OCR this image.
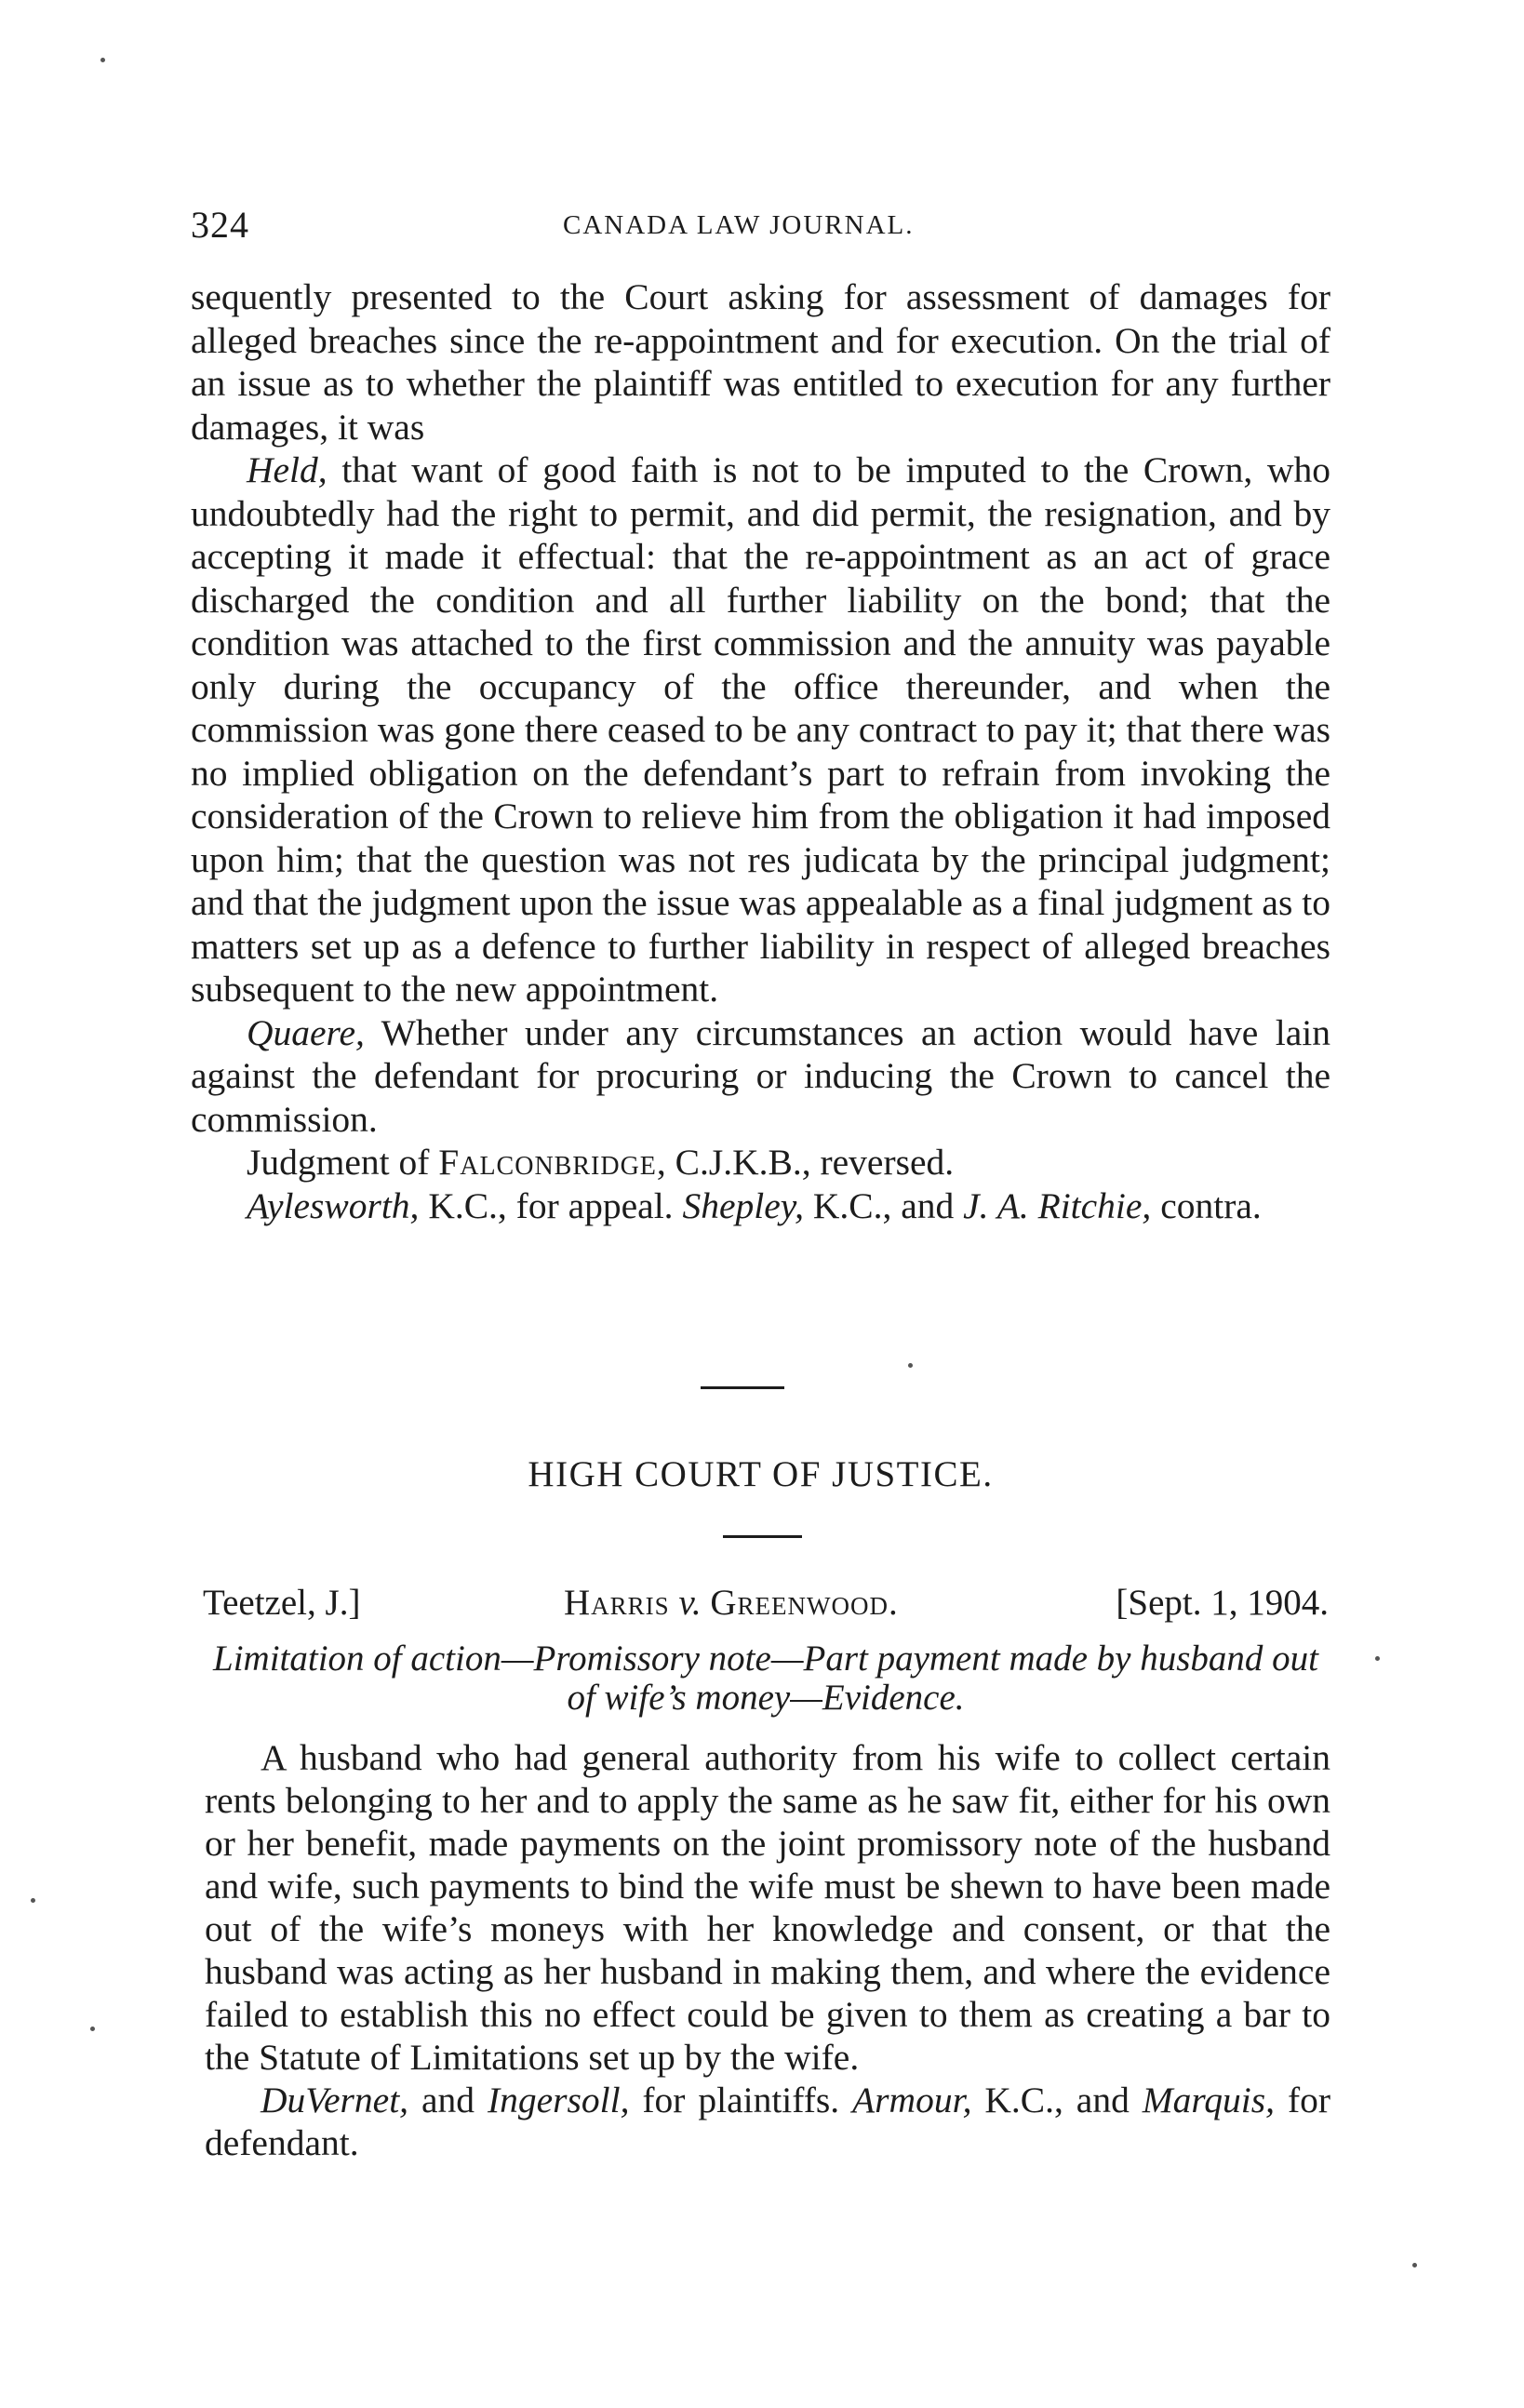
324	CANADA LAW JOURNAL.

sequently presented to the Court asking for assessment of damages for alleged breaches since the re-appointment and for execution. On the trial of an issue as to whether the plaintiff was entitled to execution for any further damages, it was

Held, that want of good faith is not to be imputed to the Crown, who undoubtedly had the right to permit, and did permit, the resignation, and by accepting it made it effectual: that the re-appointment as an act of grace discharged the condition and all further liability on the bond; that the condition was attached to the first commission and the annuity was payable only during the occupancy of the office thereunder, and when the commission was gone there ceased to be any contract to pay it; that there was no implied obligation on the defendant’s part to refrain from invoking the consideration of the Crown to relieve him from the obligation it had imposed upon him; that the question was not res judicata by the principal judgment; and that the judgment upon the issue was appealable as a final judgment as to matters set up as a defence to further liability in respect of alleged breaches subsequent to the new appointment.

Quaere, Whether under any circumstances an action would have lain against the defendant for procuring or inducing the Crown to cancel the commission.

Judgment of Falconbridge, C.J.K.B., reversed.

Aylesworth, K.C., for appeal. Shepley, K.C., and J. A. Ritchie, contra.

HIGH COURT OF JUSTICE.
Teetzel, J.]	Harris v. Greenwood.	[Sept. 1, 1904.
Limitation of action—Promissory note—Part payment made by husband out of wife’s money—Evidence.

A husband who had general authority from his wife to collect certain rents belonging to her and to apply the same as he saw fit, either for his own or her benefit, made payments on the joint promissory note of the husband and wife, such payments to bind the wife must be shewn to have been made out of the wife’s moneys with her knowledge and consent, or that the husband was acting as her husband in making them, and where the evidence failed to establish this no effect could be given to them as creating a bar to the Statute of Limitations set up by the wife.

DuVernet, and Ingersoll, for plaintiffs. Armour, K.C., and Marquis, for defendant.
